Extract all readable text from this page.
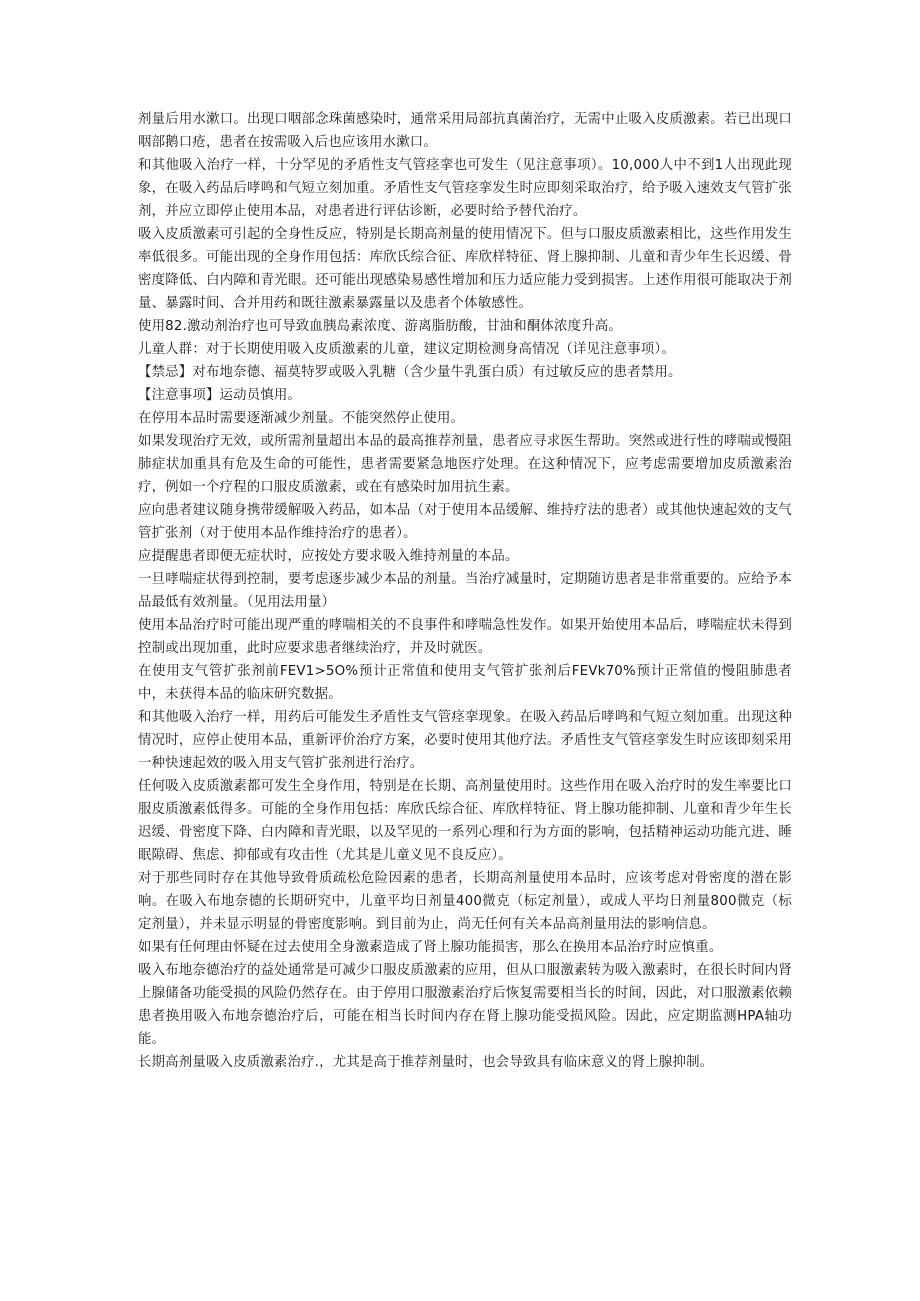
剂量后用水漱口。出现口咽部念珠菌感染时，通常采用局部抗真菌治疗，无需中止吸入皮质激素。若已出现口咽部鹅口疮，患者在按需吸入后也应该用水漱口。

和其他吸入治疗一样，十分罕见的矛盾性支气管痉挛也可发生（见注意事项）。10,000人中不到1人出现此现象，在吸入药品后哮鸣和气短立刻加重。矛盾性支气管痉挛发生时应即刻采取治疗，给予吸入速效支气管扩张剂，并应立即停止使用本品，对患者进行评估诊断，必要时给予替代治疗。

吸入皮质激素可引起的全身性反应，特别是长期高剂量的使用情况下。但与口服皮质激素相比，这些作用发生率低很多。可能出现的全身作用包括：库欣氏综合征、库欣样特征、肾上腺抑制、儿童和青少年生长迟缓、骨密度降低、白内障和青光眼。还可能出现感染易感性增加和压力适应能力受到损害。上述作用很可能取决于剂量、暴露时间、合并用药和既往激素暴露量以及患者个体敏感性。

使用82.激动剂治疗也可导致血胰岛素浓度、游离脂肪酸，甘油和酮体浓度升高。

儿童人群：对于长期使用吸入皮质激素的儿童，建议定期检测身高情况（详见注意事项）。

【禁忌】对布地奈德、福莫特罗或吸入乳糖（含少量牛乳蛋白质）有过敏反应的患者禁用。

【注意事项】运动员慎用。

在停用本品时需要逐渐减少剂量。不能突然停止使用。

如果发现治疗无效，或所需剂量超出本品的最高推荐剂量，患者应寻求医生帮助。突然或进行性的哮喘或慢阻肺症状加重具有危及生命的可能性，患者需要紧急地医疗处理。在这种情况下，应考虑需要增加皮质激素治疗，例如一个疗程的口服皮质激素，或在有感染时加用抗生素。

应向患者建议随身携带缓解吸入药品，如本品（对于使用本品缓解、维持疗法的患者）或其他快速起效的支气管扩张剂（对于使用本品作维持治疗的患者）。

应提醒患者即便无症状时，应按处方要求吸入维持剂量的本品。

一旦哮喘症状得到控制，要考虑逐步减少本品的剂量。当治疗减量时，定期随访患者是非常重要的。应给予本品最低有效剂量。（见用法用量）

使用本品治疗时可能出现严重的哮喘相关的不良事件和哮喘急性发作。如果开始使用本品后，哮喘症状未得到控制或出现加重，此时应要求患者继续治疗，并及时就医。

在使用支气管扩张剂前FEV1>5O%预计正常值和使用支气管扩张剂后FEVk70%预计正常值的慢阻肺患者中，未获得本品的临床研究数据。

和其他吸入治疗一样，用药后可能发生矛盾性支气管痉挛现象。在吸入药品后哮鸣和气短立刻加重。出现这种情况时，应停止使用本品，重新评价治疗方案，必要时使用其他疗法。矛盾性支气管痉挛发生时应该即刻采用一种快速起效的吸入用支气管扩张剂进行治疗。

任何吸入皮质激素都可发生全身作用，特别是在长期、高剂量使用时。这些作用在吸入治疗时的发生率要比口服皮质激素低得多。可能的全身作用包括：库欣氏综合征、库欣样特征、肾上腺功能抑制、儿童和青少年生长迟缓、骨密度下降、白内障和青光眼，以及罕见的一系列心理和行为方面的影响，包括精神运动功能亢进、睡眠隙碍、焦虑、抑郁或有攻击性（尤其是儿童义见不良反应）。

对于那些同时存在其他导致骨质疏松危险因素的患者，长期高剂量使用本品时，应该考虑对骨密度的潜在影响。在吸入布地奈德的长期研究中，儿童平均日剂量400微克（标定剂量），或成人平均日剂量800微克（标定剂量），并未显示明显的骨密度影响。到目前为止，尚无任何有关本品高剂量用法的影响信息。

如果有任何理由怀疑在过去使用全身激素造成了肾上腺功能损害，那么在换用本品治疗时应慎重。

吸入布地奈德治疗的益处通常是可减少口服皮质激素的应用，但从口服激素转为吸入激素时，在很长时间内肾上腺储备功能受损的风险仍然存在。由于停用口服激素治疗后恢复需要相当长的时间，因此，对口服激素依赖患者换用吸入布地奈德治疗后，可能在相当长时间内存在肾上腺功能受损风险。因此，应定期监测HPA轴功能。

长期高剂量吸入皮质激素治疗.，尤其是高于推荐剂量时，也会导致具有临床意义的肾上腺抑制。
